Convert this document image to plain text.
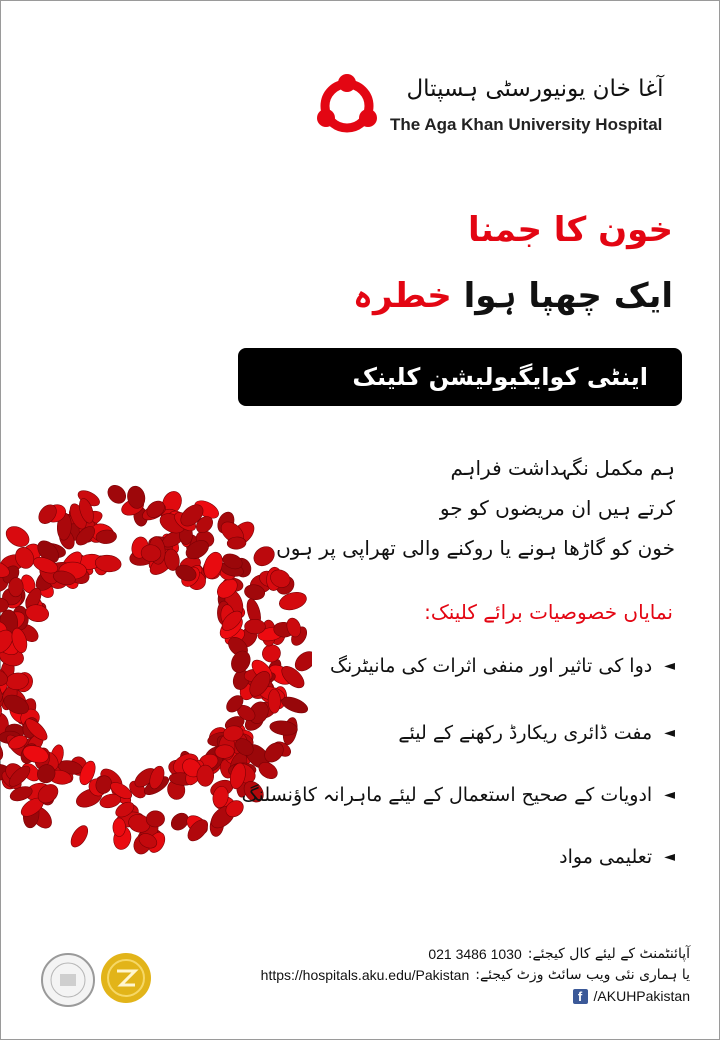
آغا خان یونیورسٹی ہسپتال
The Aga Khan University Hospital
خون کا جمنا
ایک چھپا ہوا خطرہ
اینٹی کوایگیولیشن کلینک
ہم مکمل نگہداشت فراہم
کرتے ہیں ان مریضوں کو جو
خون کو گاڑھا ہونے یا روکنے والی تھراپی پر ہوں
نمایاں خصوصیات برائے کلینک:
◄
دوا کی تاثیر اور منفی اثرات کی مانیٹرنگ
◄
مفت ڈائری ریکارڈ رکھنے کے لیئے
◄
ادویات کے صحیح استعمال کے لیئے ماہرانہ کاؤنسلنگ
◄
تعلیمی مواد
021 3486 1030 آپائنٹمنٹ کے لیئے کال کیجئے:
https://hospitals.aku.edu/Pakistan یا ہماری نئی ویب سائٹ وزٹ کیجئے:
f /AKUHPakistan
